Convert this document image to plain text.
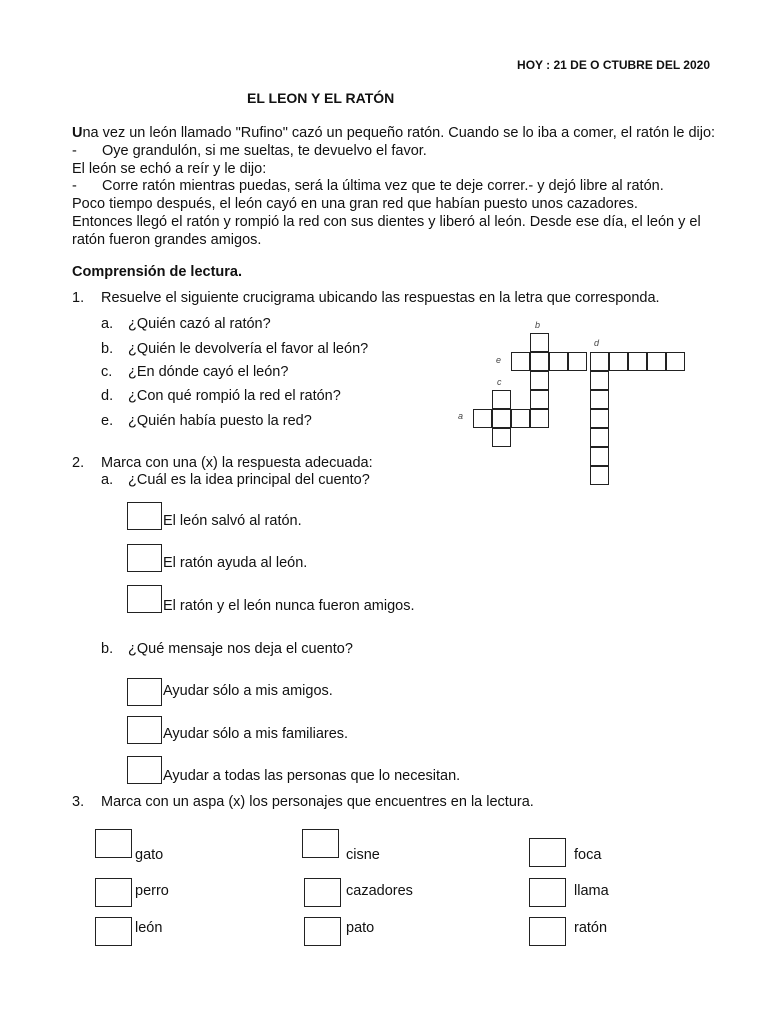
HOY : 21 DE O CTUBRE DEL 2020
EL LEON Y EL RATÓN

Una vez un león llamado "Rufino" cazó un pequeño ratón. Cuando se lo iba a comer, el ratón le dijo:

- Oye grandulón, si me sueltas, te devuelvo el favor.

El león se echó a reír y le dijo:

- Corre ratón mientras puedas, será la última vez que te deje correr.- y dejó libre al ratón.

Poco tiempo después, el león cayó en una gran red que habían puesto unos cazadores.

Entonces llegó el ratón y rompió la red con sus dientes y liberó al león. Desde ese día, el león y el ratón fueron grandes amigos.

Comprensión de lectura.
1. Resuelve el siguiente crucigrama ubicando las respuestas en la letra que corresponda.
a. ¿Quién cazó al ratón?
b. ¿Quién le devolvería el favor al león?
c. ¿En dónde cayó el león?
d. ¿Con qué rompió la red el ratón?
e. ¿Quién había puesto la red?
b
d
e
c
a
2. Marca con una (x) la respuesta adecuada:
a. ¿Cuál es la idea principal del cuento?
El león salvó al ratón.
El ratón ayuda al león.
El ratón y el león nunca fueron amigos.
b. ¿Qué mensaje nos deja el cuento?
Ayudar sólo a mis amigos.
Ayudar sólo a mis familiares.
Ayudar a todas las personas que lo necesitan.
3. Marca con un aspa (x) los personajes que encuentres en la lectura.
gato
perro
león
cisne
cazadores
pato
foca
llama
ratón
